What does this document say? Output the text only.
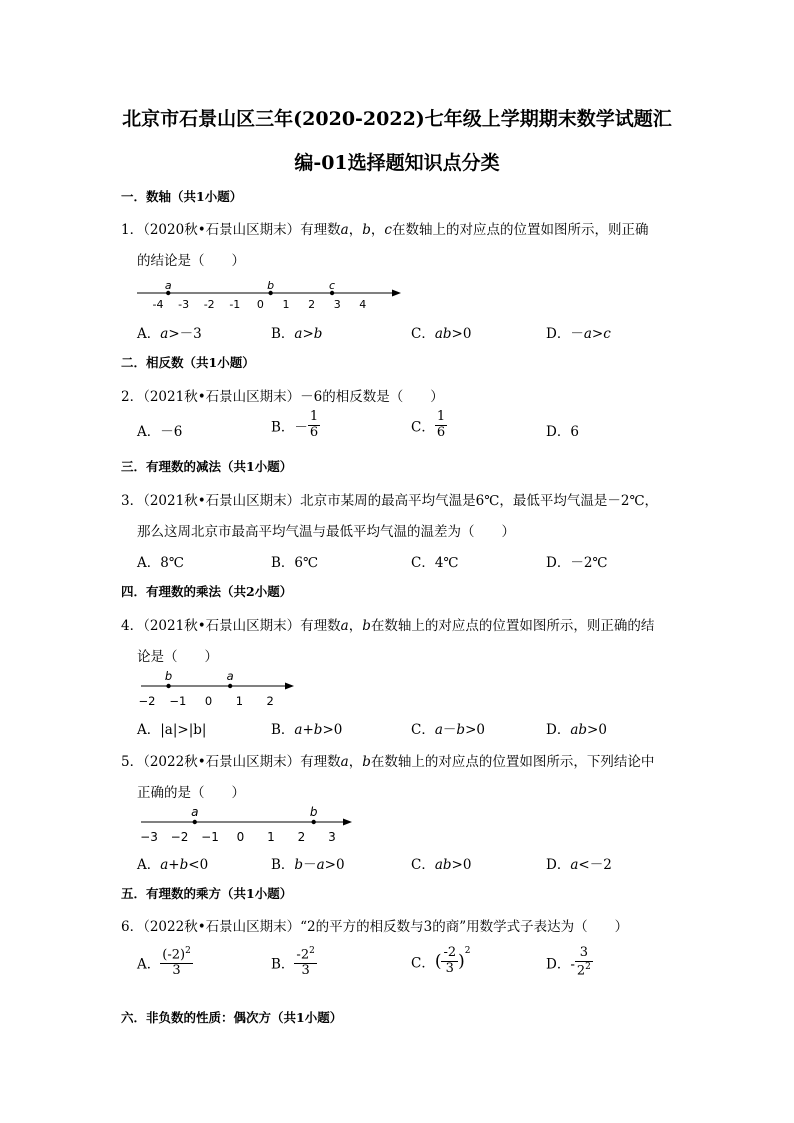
北京市石景山区三年(2020-2022)七年级上学期期末数学试题汇
编-01选择题知识点分类
一．数轴（共1小题）
1．（2020秋•石景山区期末）有理数a，b，c在数轴上的对应点的位置如图所示，则正确
的结论是（　　）
-4 -3 -2 -1 0 1 2 3 4
a	b	c
A．a>－3	B．a>b	C．ab>0	D．－a>c
二．相反数（共1小题）
2．（2021秋•石景山区期末）－6的相反数是（　　）
A．－6	B．－ $\frac{1}{6}$	C． $\frac{1}{6}$	D．6
三．有理数的减法（共1小题）
3．（2021秋•石景山区期末）北京市某周的最高平均气温是6℃，最低平均气温是－2℃，
那么这周北京市最高平均气温与最低平均气温的温差为（　　）
A．8℃	B．6℃	C．4℃	D．－2℃
四．有理数的乘法（共2小题）
4．（2021秋•石景山区期末）有理数a，b在数轴上的对应点的位置如图所示，则正确的结
论是（　　）
−2 −1 0 1 2
b	a
A．|a|>|b|	B．a+b>0	C．a－b>0	D．ab>0
5．（2022秋•石景山区期末）有理数a，b在数轴上的对应点的位置如图所示，下列结论中
正确的是（　　）
−3 −2 −1 0 1 2 3
a	b
A．a+b<0	B．b－a>0	C．ab>0	D．a<－2
五．有理数的乘方（共1小题）
6．（2022秋•石景山区期末）“2的平方的相反数与3的商”用数学式子表达为（　　）
A． $\frac{(-2)^2}{3}$	B． $\frac{-2^2}{3}$	C．( $\frac{-2}{3} )^2$
D．- $\frac{3}{2^2}$
六．非负数的性质：偶次方（共1小题）
